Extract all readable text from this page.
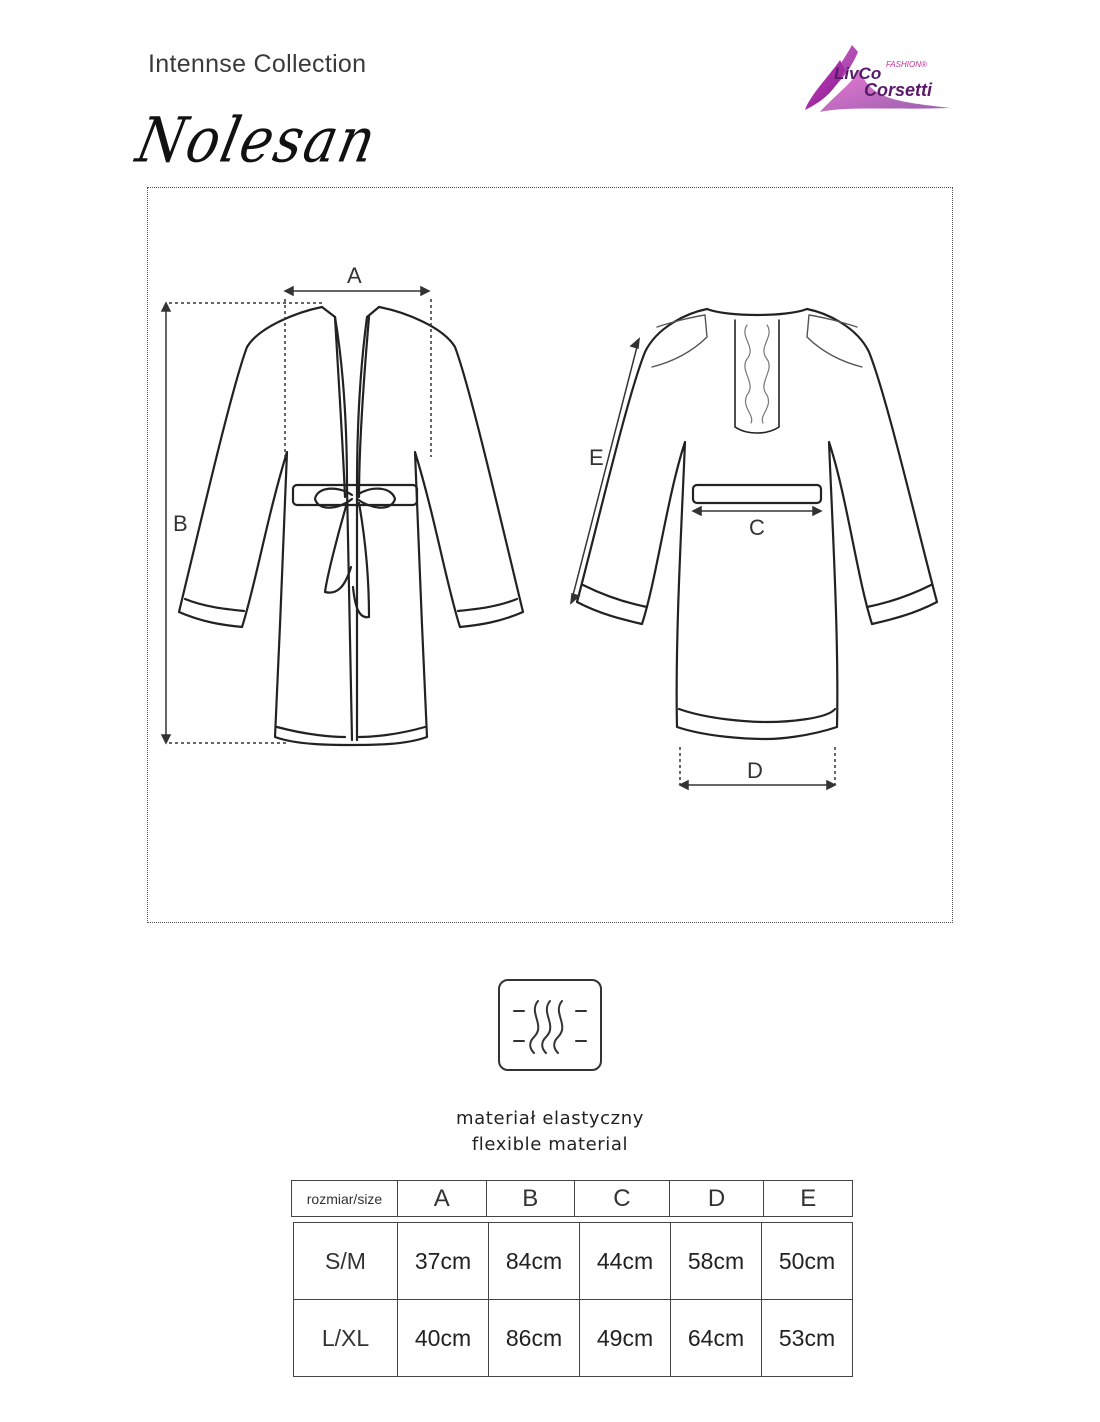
Intennse Collection
Nolesan
LivCo FASHION®
Corsetti
A
B	C
D
E
materiał elastyczny
flexible material
rozmiar/size	A	B	C	D	E
S/M	37cm	84cm	44cm	58cm	50cm
L/XL	40cm	86cm	49cm	64cm	53cm
